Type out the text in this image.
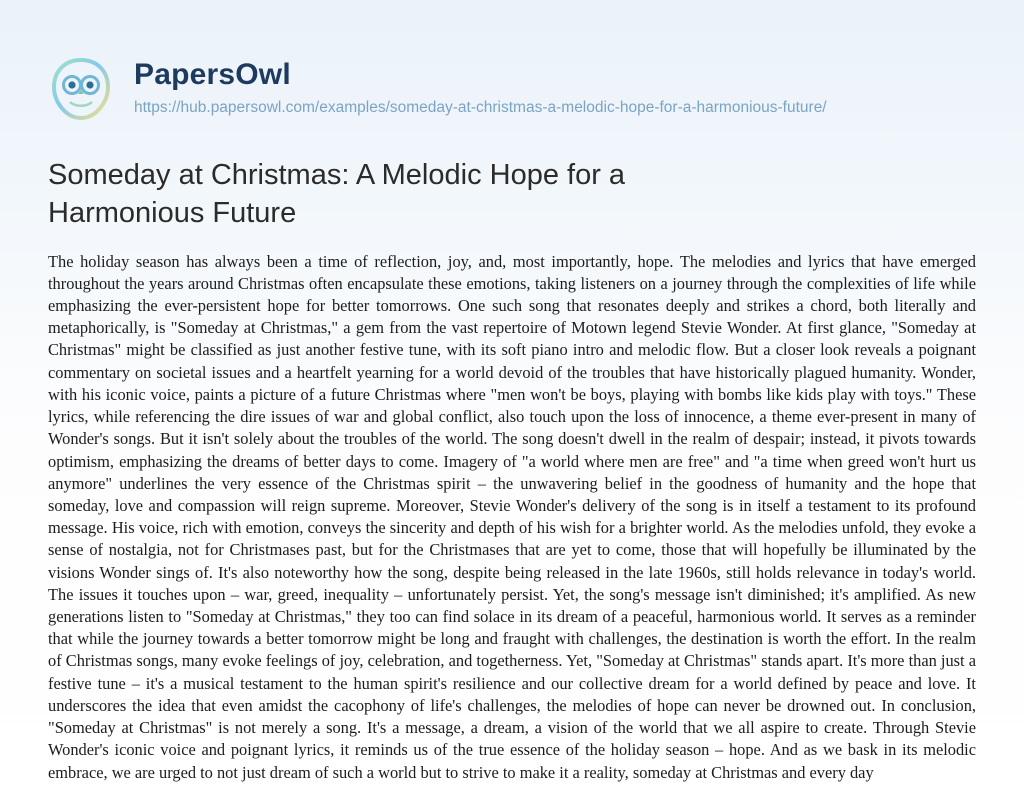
PapersOwl
https://hub.papersowl.com/examples/someday-at-christmas-a-melodic-hope-for-a-harmonious-future/
Someday at Christmas: A Melodic Hope for a Harmonious Future
The holiday season has always been a time of reflection, joy, and, most importantly, hope. The melodies and lyrics that have emerged throughout the years around Christmas often encapsulate these emotions, taking listeners on a journey through the complexities of life while emphasizing the ever-persistent hope for better tomorrows. One such song that resonates deeply and strikes a chord, both literally and metaphorically, is "Someday at Christmas," a gem from the vast repertoire of Motown legend Stevie Wonder. At first glance, "Someday at Christmas" might be classified as just another festive tune, with its soft piano intro and melodic flow. But a closer look reveals a poignant commentary on societal issues and a heartfelt yearning for a world devoid of the troubles that have historically plagued humanity. Wonder, with his iconic voice, paints a picture of a future Christmas where "men won't be boys, playing with bombs like kids play with toys." These lyrics, while referencing the dire issues of war and global conflict, also touch upon the loss of innocence, a theme ever-present in many of Wonder's songs. But it isn't solely about the troubles of the world. The song doesn't dwell in the realm of despair; instead, it pivots towards optimism, emphasizing the dreams of better days to come. Imagery of "a world where men are free" and "a time when greed won't hurt us anymore" underlines the very essence of the Christmas spirit – the unwavering belief in the goodness of humanity and the hope that someday, love and compassion will reign supreme. Moreover, Stevie Wonder's delivery of the song is in itself a testament to its profound message. His voice, rich with emotion, conveys the sincerity and depth of his wish for a brighter world. As the melodies unfold, they evoke a sense of nostalgia, not for Christmases past, but for the Christmases that are yet to come, those that will hopefully be illuminated by the visions Wonder sings of. It's also noteworthy how the song, despite being released in the late 1960s, still holds relevance in today's world. The issues it touches upon – war, greed, inequality – unfortunately persist. Yet, the song's message isn't diminished; it's amplified. As new generations listen to "Someday at Christmas," they too can find solace in its dream of a peaceful, harmonious world. It serves as a reminder that while the journey towards a better tomorrow might be long and fraught with challenges, the destination is worth the effort. In the realm of Christmas songs, many evoke feelings of joy, celebration, and togetherness. Yet, "Someday at Christmas" stands apart. It's more than just a festive tune – it's a musical testament to the human spirit's resilience and our collective dream for a world defined by peace and love. It underscores the idea that even amidst the cacophony of life's challenges, the melodies of hope can never be drowned out. In conclusion, "Someday at Christmas" is not merely a song. It's a message, a dream, a vision of the world that we all aspire to create. Through Stevie Wonder's iconic voice and poignant lyrics, it reminds us of the true essence of the holiday season – hope. And as we bask in its melodic embrace, we are urged to not just dream of such a world but to strive to make it a reality, someday at Christmas and every day
